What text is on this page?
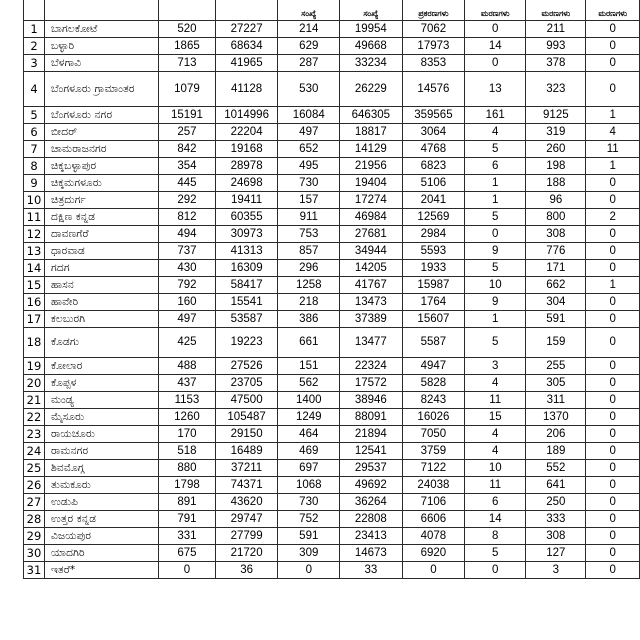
				ಸಂಖ್ಯೆ	ಸಂಖ್ಯೆ	ಪ್ರಕರಣಗಳು	ಮರಣಗಳು	ಮರಣಗಳು	ಮರಣಗಳು
1	ಬಾಗಲಕೋಟೆ	520	27227	214	19954	7062	0	211	0
2	ಬಳ್ಳಾರಿ	1865	68634	629	49668	17973	14	993	0
3	ಬೆಳಗಾವಿ	713	41965	287	33234	8353	0	378	0
4	ಬೆಂಗಳೂರು ಗ್ರಾಮಾಂತರ	1079	41128	530	26229	14576	13	323	0
5	ಬೆಂಗಳೂರು ನಗರ	15191	1014996	16084	646305	359565	161	9125	1
6	ಬೀದರ್	257	22204	497	18817	3064	4	319	4
7	ಚಾಮರಾಜನಗರ	842	19168	652	14129	4768	5	260	11
8	ಚಿಕ್ಕಬಳ್ಳಾಪುರ	354	28978	495	21956	6823	6	198	1
9	ಚಿಕ್ಕಮಗಳೂರು	445	24698	730	19404	5106	1	188	0
10	ಚಿತ್ರದುರ್ಗ	292	19411	157	17274	2041	1	96	0
11	ದಕ್ಷಿಣ ಕನ್ನಡ	812	60355	911	46984	12569	5	800	2
12	ದಾವಣಗೆರೆ	494	30973	753	27681	2984	0	308	0
13	ಧಾರವಾಡ	737	41313	857	34944	5593	9	776	0
14	ಗದಗ	430	16309	296	14205	1933	5	171	0
15	ಹಾಸನ	792	58417	1258	41767	15987	10	662	1
16	ಹಾವೇರಿ	160	15541	218	13473	1764	9	304	0
17	ಕಲಬುರಗಿ	497	53587	386	37389	15607	1	591	0
18	ಕೊಡಗು	425	19223	661	13477	5587	5	159	0
19	ಕೋಲಾರ	488	27526	151	22324	4947	3	255	0
20	ಕೊಪ್ಪಳ	437	23705	562	17572	5828	4	305	0
21	ಮಂಡ್ಯ	1153	47500	1400	38946	8243	11	311	0
22	ಮೈಸೂರು	1260	105487	1249	88091	16026	15	1370	0
23	ರಾಯಚೂರು	170	29150	464	21894	7050	4	206	0
24	ರಾಮನಗರ	518	16489	469	12541	3759	4	189	0
25	ಶಿವಮೊಗ್ಗ	880	37211	697	29537	7122	10	552	0
26	ತುಮಕೂರು	1798	74371	1068	49692	24038	11	641	0
27	ಉಡುಪಿ	891	43620	730	36264	7106	6	250	0
28	ಉತ್ತರ ಕನ್ನಡ	791	29747	752	22808	6606	14	333	0
29	ವಿಜಯಪುರ	331	27799	591	23413	4078	8	308	0
30	ಯಾದಗಿರಿ	675	21720	309	14673	6920	5	127	0
31	ಇತರೆ*	0	36	0	33	0	0	3	0
